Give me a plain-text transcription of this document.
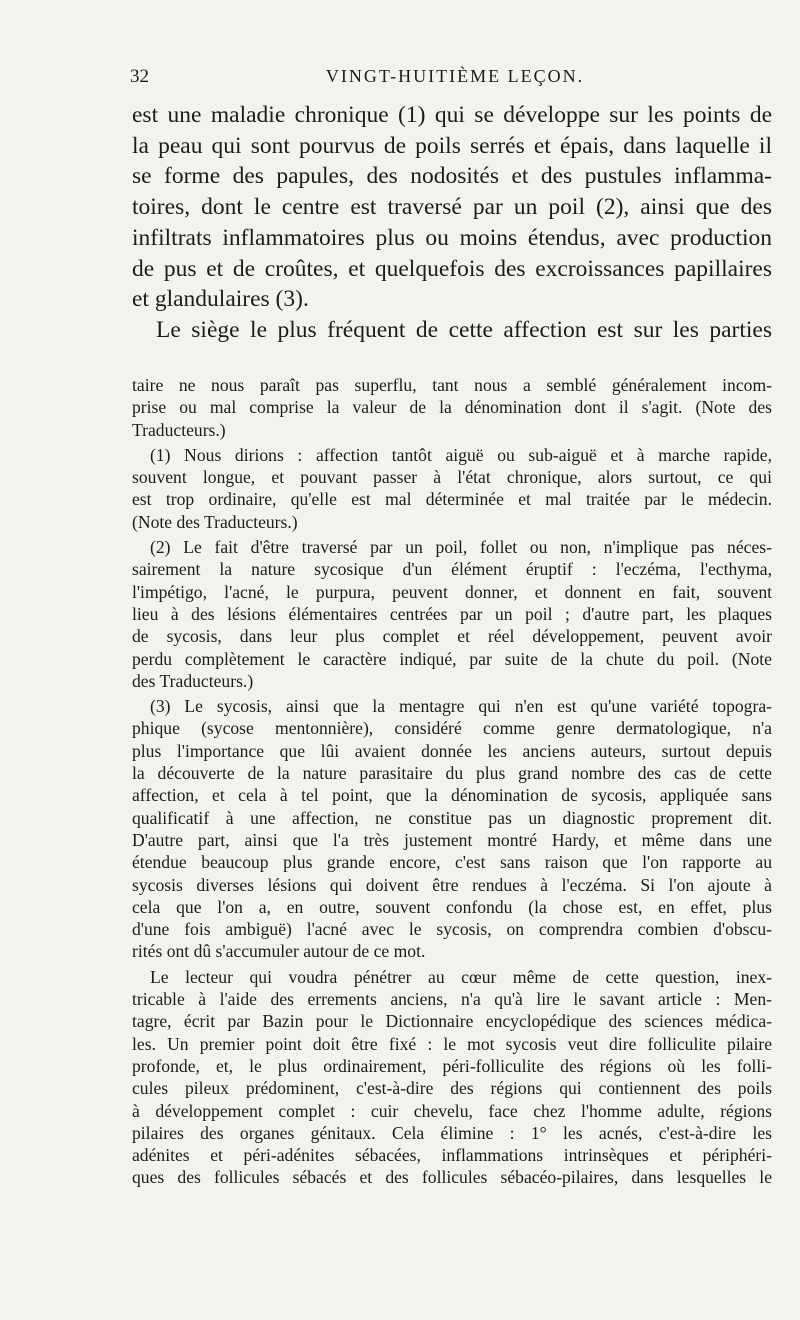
32	VINGT-HUITIÈME LEÇON.

est une maladie chronique (1) qui se développe sur les points de
la peau qui sont pourvus de poils serrés et épais, dans laquelle il
se forme des papules, des nodosités et des pustules inflamma-
toires, dont le centre est traversé par un poil (2), ainsi que des
infiltrats inflammatoires plus ou moins étendus, avec production
de pus et de croûtes, et quelquefois des excroissances papillaires
et glandulaires (3).

Le siège le plus fréquent de cette affection est sur les parties

taire ne nous paraît pas superflu, tant nous a semblé généralement incom-
prise ou mal comprise la valeur de la dénomination dont il s'agit. (Note des
Traducteurs.)

(1) Nous dirions : affection tantôt aiguë ou sub-aiguë et à marche rapide,
souvent longue, et pouvant passer à l'état chronique, alors surtout, ce qui
est trop ordinaire, qu'elle est mal déterminée et mal traitée par le médecin.
(Note des Traducteurs.)

(2) Le fait d'être traversé par un poil, follet ou non, n'implique pas néces-
sairement la nature sycosique d'un élément éruptif : l'eczéma, l'ecthyma,
l'impétigo, l'acné, le purpura, peuvent donner, et donnent en fait, souvent
lieu à des lésions élémentaires centrées par un poil ; d'autre part, les plaques
de sycosis, dans leur plus complet et réel développement, peuvent avoir
perdu complètement le caractère indiqué, par suite de la chute du poil. (Note
des Traducteurs.)

(3) Le sycosis, ainsi que la mentagre qui n'en est qu'une variété topogra-
phique (sycose mentonnière), considéré comme genre dermatologique, n'a
plus l'importance que lûi avaient donnée les anciens auteurs, surtout depuis
la découverte de la nature parasitaire du plus grand nombre des cas de cette
affection, et cela à tel point, que la dénomination de sycosis, appliquée sans
qualificatif à une affection, ne constitue pas un diagnostic proprement dit.
D'autre part, ainsi que l'a très justement montré Hardy, et même dans une
étendue beaucoup plus grande encore, c'est sans raison que l'on rapporte au
sycosis diverses lésions qui doivent être rendues à l'eczéma. Si l'on ajoute à
cela que l'on a, en outre, souvent confondu (la chose est, en effet, plus
d'une fois ambiguë) l'acné avec le sycosis, on comprendra combien d'obscu-
rités ont dû s'accumuler autour de ce mot.

Le lecteur qui voudra pénétrer au cœur même de cette question, inex-
tricable à l'aide des errements anciens, n'a qu'à lire le savant article : Men-
tagre, écrit par Bazin pour le Dictionnaire encyclopédique des sciences médica-
les. Un premier point doit être fixé : le mot sycosis veut dire folliculite pilaire
profonde, et, le plus ordinairement, péri-folliculite des régions où les folli-
cules pileux prédominent, c'est-à-dire des régions qui contiennent des poils
à développement complet : cuir chevelu, face chez l'homme adulte, régions
pilaires des organes génitaux. Cela élimine : 1° les acnés, c'est-à-dire les
adénites et péri-adénites sébacées, inflammations intrinsèques et périphéri-
ques des follicules sébacés et des follicules sébacéo-pilaires, dans lesquelles le
